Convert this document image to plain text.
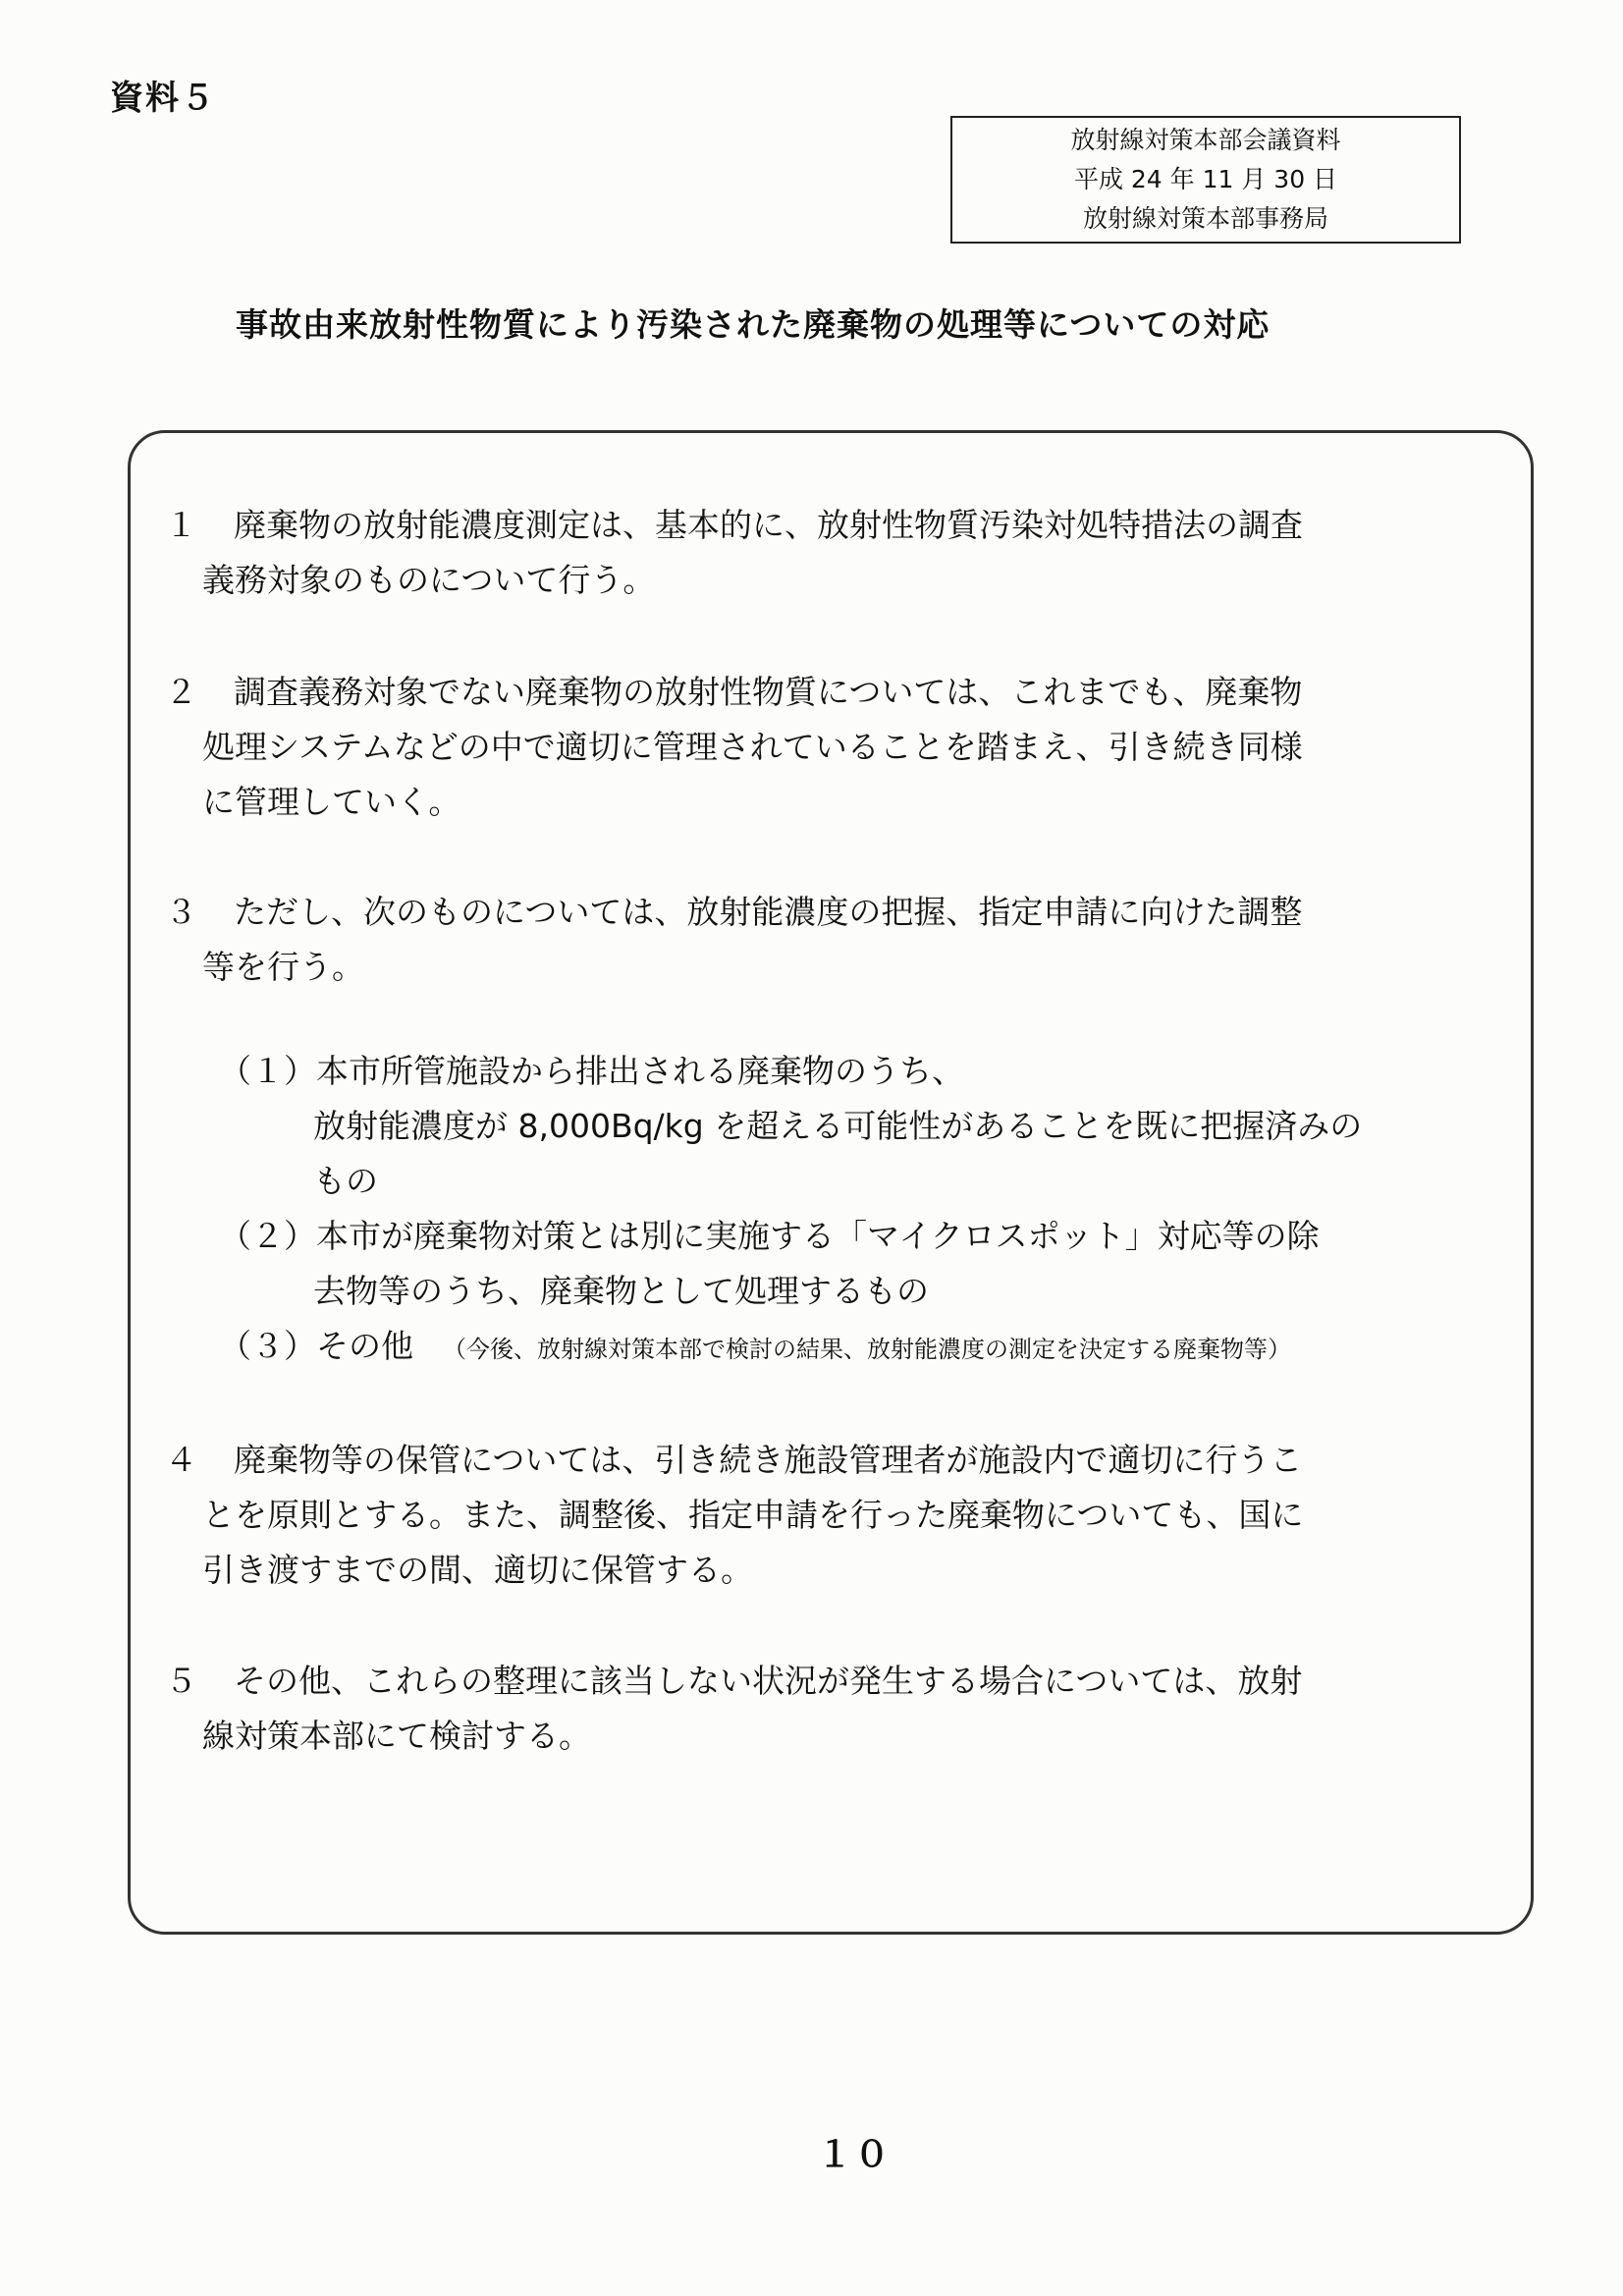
資料５
放射線対策本部会議資料
平成 24 年 11 月 30 日
放射線対策本部事務局
事故由来放射性物質により汚染された廃棄物の処理等についての対応
１ 廃棄物の放射能濃度測定は、基本的に、放射性物質汚染対処特措法の調査
義務対象のものについて行う。
２ 調査義務対象でない廃棄物の放射性物質については、これまでも、廃棄物
処理システムなどの中で適切に管理されていることを踏まえ、引き続き同様
に管理していく。
３ ただし、次のものについては、放射能濃度の把握、指定申請に向けた調整
等を行う。
（１）本市所管施設から排出される廃棄物のうち、
放射能濃度が 8,000Bq/kg を超える可能性があることを既に把握済みの
もの
（２）本市が廃棄物対策とは別に実施する「マイクロスポット」対応等の除
去物等のうち、廃棄物として処理するもの
（３）その他 （今後、放射線対策本部で検討の結果、放射能濃度の測定を決定する廃棄物等）
４ 廃棄物等の保管については、引き続き施設管理者が施設内で適切に行うこ
とを原則とする。また、調整後、指定申請を行った廃棄物についても、国に
引き渡すまでの間、適切に保管する。
５ その他、これらの整理に該当しない状況が発生する場合については、放射
線対策本部にて検討する。
１０
